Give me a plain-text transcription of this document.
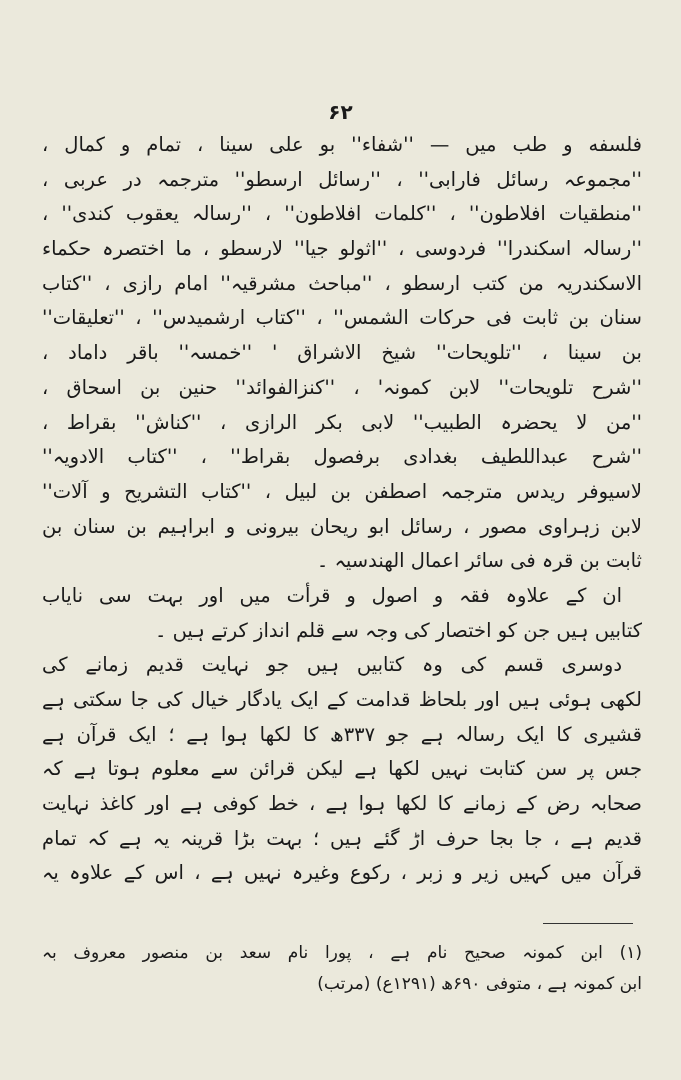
۶۲
فلسفه و طب میں — ''شفاء'' بو علی سینا ، تمام و کمال ،
''مجموعہ رسائل فارابی'' ، ''رسائل ارسطو'' مترجمہ در عربی ،
''منطقیات افلاطون'' ، ''کلمات افلاطون'' ، ''رسالہ یعقوب کندی'' ،
''رسالہ اسکندرا'' فردوسی ، ''اثولو جیا'' لارسطو ، ما اختصرہ حکماء
الاسکندریہ من کتب ارسطو ، ''مباحث مشرقیہ'' امام رازی ، ''کتاب
سنان بن ثابت فی حرکات الشمس'' ، ''کتاب ارشمیدس'' ، ''تعلیقات''
بن سینا ، ''تلویحات'' شیخ الاشراق ' ''خمسہ'' باقر داماد ،
''شرح تلویحات'' لابن کمونہ' ، ''کنزالفوائد'' حنین بن اسحاق ،
''من لا یحضرہ الطبیب'' لابی بکر الرازی ، ''کناش'' بقراط ،
''شرح عبداللطیف بغدادی برفصول بقراط'' ، ''کتاب الادویہ''
لاسیوفر ریدس مترجمہ اصطفن بن لبیل ، ''کتاب التشریح و آلات''
لابن زہراوی مصور ، رسائل ابو ریحان بیرونی و ابراہیم بن سنان بن
ثابت بن قرہ فی سائر اعمال الھندسیہ ۔
ان کے علاوہ فقہ و اصول و قرأت میں اور بہت سی نایاب
کتابیں ہیں جن کو اختصار کی وجہ سے قلم انداز کرتے ہیں ۔
دوسری قسم کی وہ کتابیں ہیں جو نہایت قدیم زمانے کی
لکھی ہوئی ہیں اور بلحاظ قدامت کے ایک یادگار خیال کی جا سکتی ہے
قشیری کا ایک رسالہ ہے جو ۳۳۷ھ کا لکھا ہوا ہے ؛ ایک قرآن ہے
جس پر سن کتابت نہیں لکھا ہے لیکن قرائن سے معلوم ہوتا ہے کہ
صحابہ رض کے زمانے کا لکھا ہوا ہے ، خط کوفی ہے اور کاغذ نہایت
قدیم ہے ، جا بجا حرف اڑ گئے ہیں ؛ بہت بڑا قرینہ یہ ہے کہ تمام
قرآن میں کہیں زیر و زبر ، رکوع وغیرہ نہیں ہے ، اس کے علاوہ یہ
(۱) ابن کمونہ صحیح نام ہے ، پورا نام سعد بن منصور معروف بہ
ابن کمونہ ہے ، متوفی ۶۹۰ھ (۱۲۹۱ع) (مرتب)
